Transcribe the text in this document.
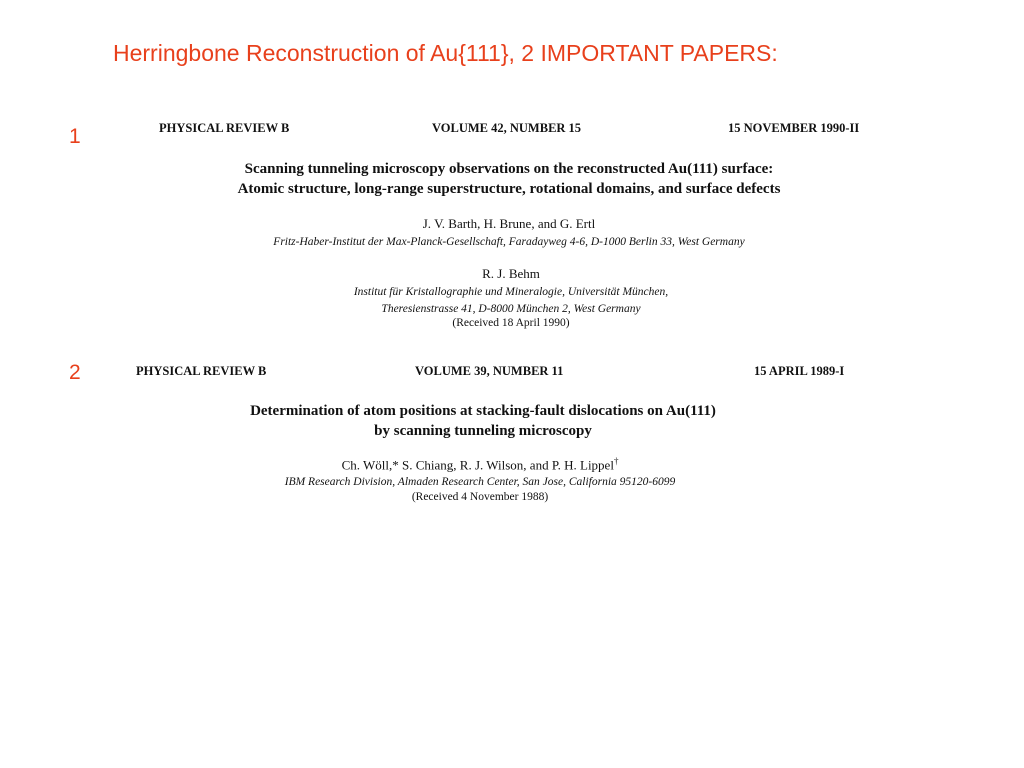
Herringbone Reconstruction of Au{111}, 2 IMPORTANT PAPERS:
1	PHYSICAL REVIEW B	VOLUME 42, NUMBER 15	15 NOVEMBER 1990-II
Scanning tunneling microscopy observations on the reconstructed Au(111) surface:
Atomic structure, long-range superstructure, rotational domains, and surface defects
J. V. Barth, H. Brune, and G. Ertl
Fritz-Haber-Institut der Max-Planck-Gesellschaft, Faradayweg 4-6, D-1000 Berlin 33, West Germany
R. J. Behm
Institut für Kristallographie und Mineralogie, Universität München,
Theresienstrasse 41, D-8000 München 2, West Germany
(Received 18 April 1990)
2	PHYSICAL REVIEW B	VOLUME 39, NUMBER 11	15 APRIL 1989-I
Determination of atom positions at stacking-fault dislocations on Au(111)
by scanning tunneling microscopy
Ch. Wöll,* S. Chiang, R. J. Wilson, and P. H. Lippel†
IBM Research Division, Almaden Research Center, San Jose, California 95120-6099
(Received 4 November 1988)
